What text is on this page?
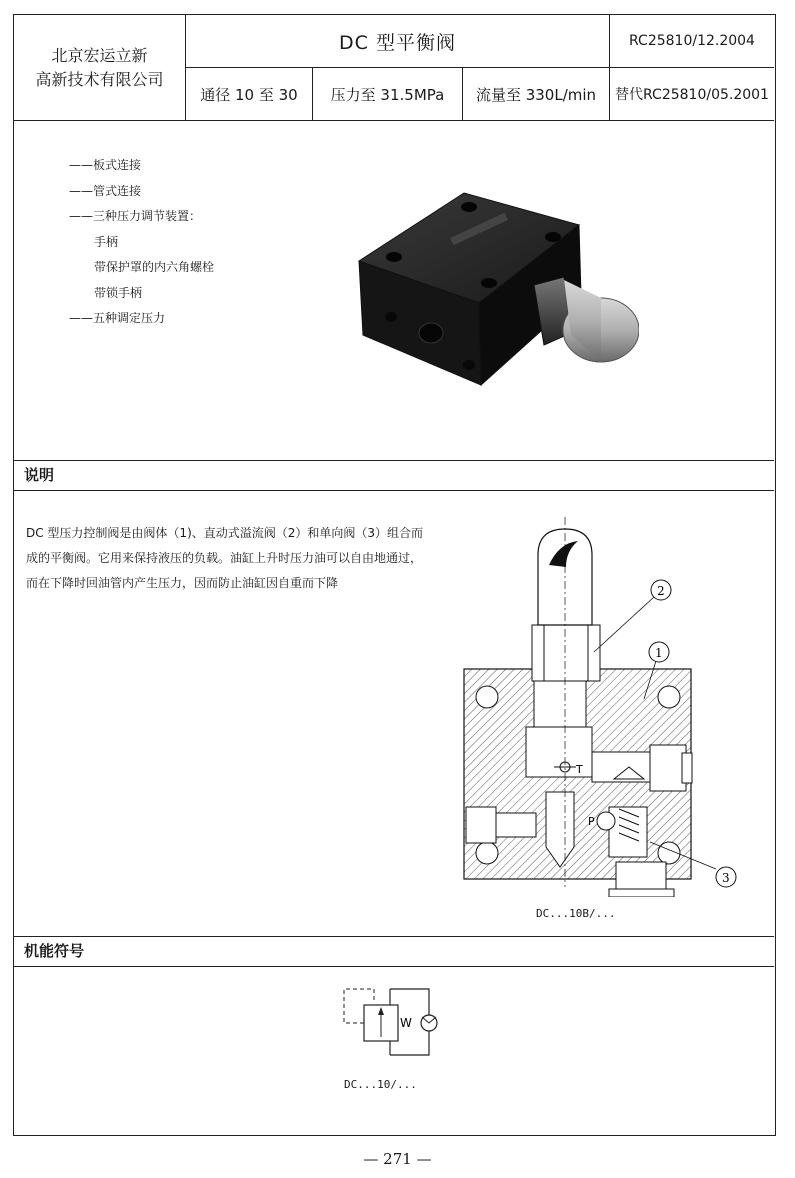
北京宏运立新
高新技术有限公司
DC 型平衡阀	RC25810/12.2004
通径 10 至 30	压力至 31.5MPa	流量至 330L/min	替代RC25810/05.2001
——板式连接
——管式连接
——三种压力调节装置：
手柄
带保护罩的内六角螺栓
带锁手柄
——五种调定压力
说明
DC 型压力控制阀是由阀体（1)、直动式溢流阀（2）和单向阀（3）组合而
成的平衡阀。它用来保持液压的负载。油缸上升时压力油可以自由地通过，
而在下降时回油管内产生压力，因而防止油缸因自重而下降
T
P
2
1
3
DC...10B/...
机能符号
W
DC...10/...
— 271 —
